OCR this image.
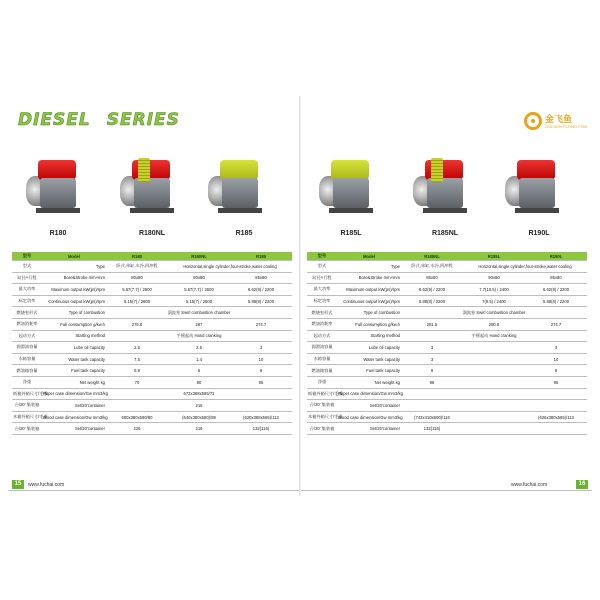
DIESEL SERIES
R180	R180NL	R185
型号	Model	R180	R180NL	R185
型式	Type	卧式,单缸,水冷,四冲程	Horizontal,single cylinder,four-stroke,water cooling	
缸径×行程	Bore&Stroke mm×mm	80x80	80x80	85x80
最大功率	Maximum output kW(ps)/rpm	5.67(7.7) / 2600	5.67(7.7) / 2600	6.62(9) / 2200
标定功率	Continuous output kW(ps)/rpm	5.15(7) / 2600	5.15(7) / 2600	5.88(8) / 2200
燃烧室形式	Type of combustion	涡流室 Swirl combustion chamber		
燃油消耗率	Full consumption g/kw.h	276.8	287	274.7
起动方式	Starting method	手摇起动 Hand cranking		
润滑油容量	Lube oil capacity	2.5	2.5	3
水箱容量	Water tank capacity	7.5	1.4	10
燃油箱容量	Fuel tank capacity	6.9	5	9
净重	Net weight kg	70	80	95
纸箱外箱尺寸/毛重	Paper case dimension/Gw mm3/kg	673x368x585/72		
台/20' 集装箱	Set/20'container	215		
木箱外箱尺寸/毛重	Wood case dimension/Gw mm3/kg	600x380x580/80	(640x380x580)/89	(620x388x565)/113
台/20' 集装箱	Set/20'container	226	216	132(116)
15	www.fuchai.com
金飞鱼
GOLDEN FLYING FISH
R185L	R185NL	R190L
型号	Model	R185NL	R185L	R190L
型式	Type	卧式,单缸,水冷,四冲程	Horizontal,single cylinder,four-stroke,water cooling	
缸径×行程	Bore&Stroke mm×mm	85x80	90x80	85x80
最大功率	Maximum output kW(ps)/rpm	6.62(9) / 2200	7.7(10.5) / 2400	6.62(9) / 2200
标定功率	Continuous output kW(ps)/rpm	5.88(8) / 2200	7(9.5) / 2400	5.88(8) / 2200
燃烧室形式	Type of combustion	涡流室 Swirl combustion chamber		
燃油消耗率	Full consumption g/kw.h	281.5	280.6	274.7
起动方式	Starting method	手摇起动 Hand cranking		
润滑油容量	Lube oil capacity	3		3
水箱容量	Water tank capacity	3		10
燃油箱容量	Fuel tank capacity	9		9
净重	Net weight kg	98		95
纸箱外箱尺寸/毛重	Paper case dimension/Gw mm3/kg			
台/20' 集装箱	Set/20'container			
木箱外箱尺寸/毛重	Wood case dimension/Gw mm3/kg	(743x410x600)/116		(626x380x565)/113
台/20' 集装箱	Set/20'container	132(116)		
www.fuchai.com	16
